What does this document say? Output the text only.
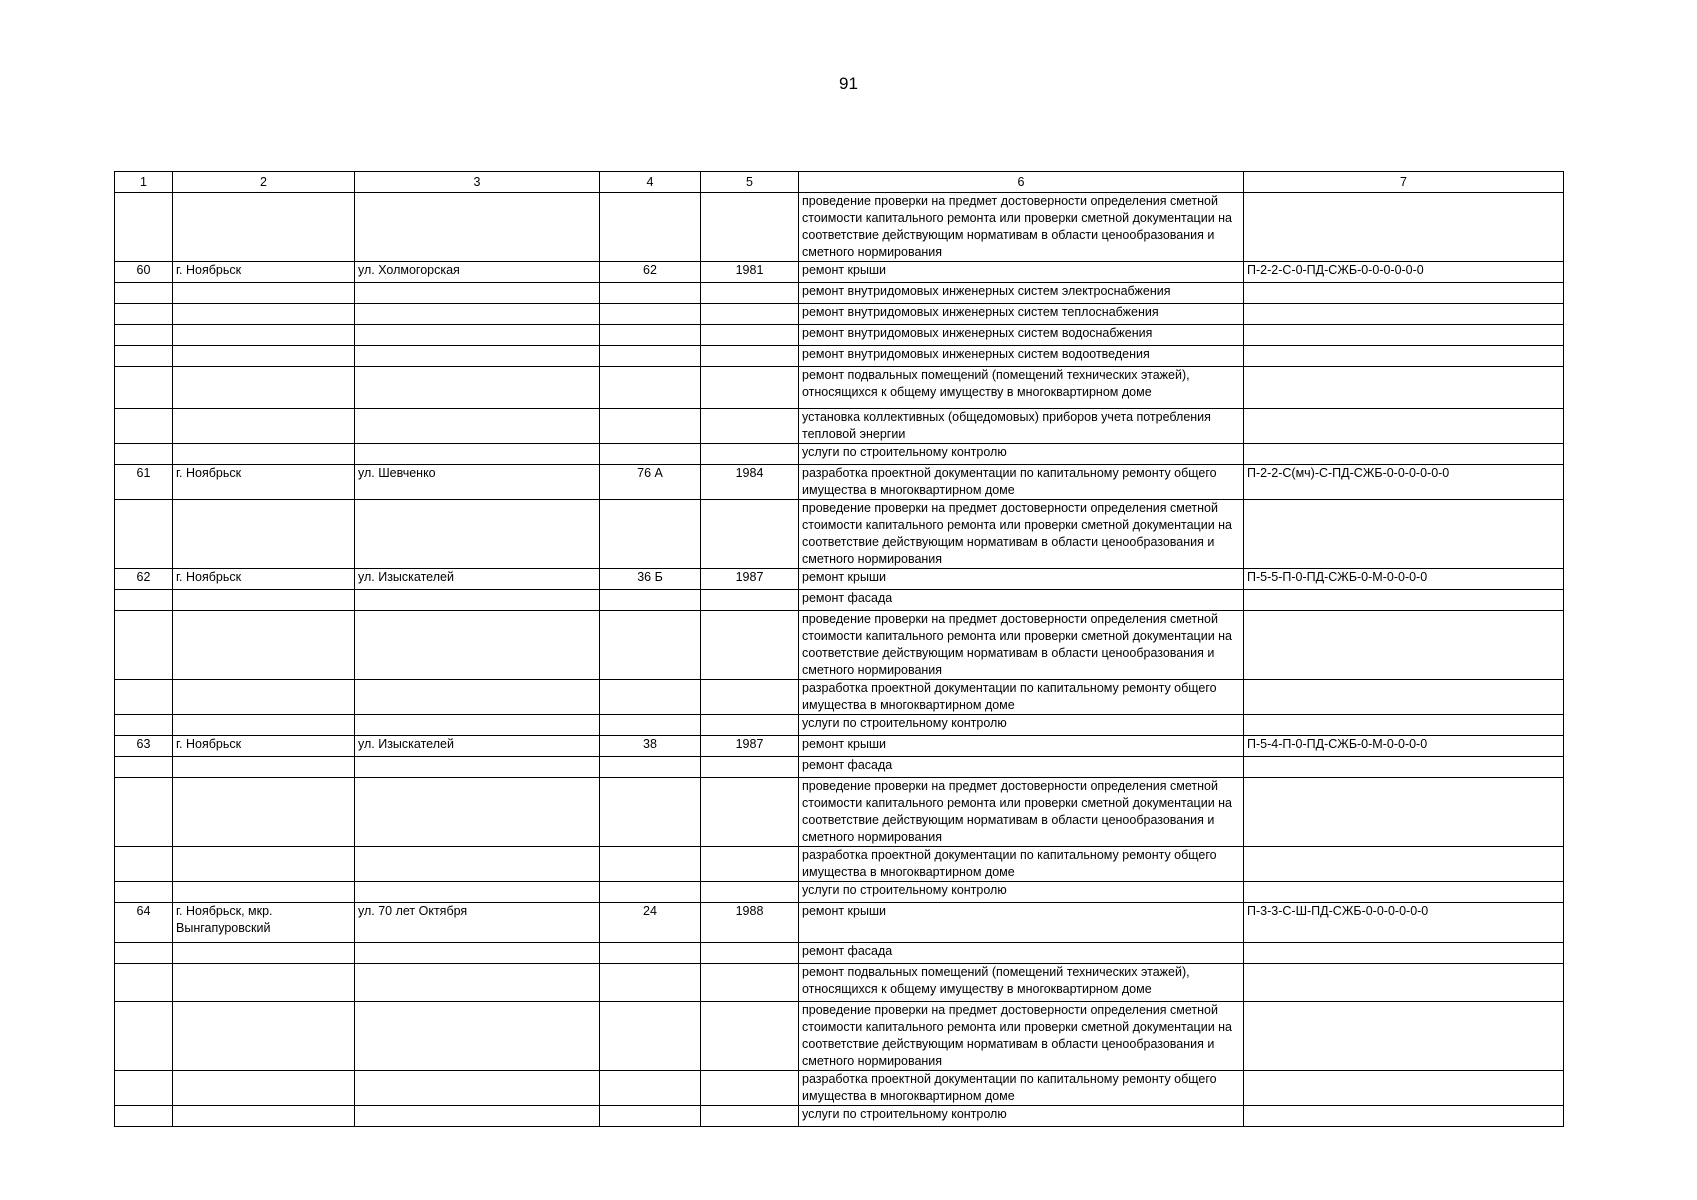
91
1	2	3	4	5	6	7
					проведение проверки на предмет достоверности определения сметной стоимости капитального ремонта или проверки сметной документации на соответствие действующим нормативам в области ценообразования и сметного нормирования	
60	г. Ноябрьск	ул. Холмогорская	62	1981	ремонт крыши	П-2-2-С-0-ПД-СЖБ-0-0-0-0-0-0
					ремонт внутридомовых инженерных систем электроснабжения	
					ремонт внутридомовых инженерных систем теплоснабжения	
					ремонт внутридомовых инженерных систем водоснабжения	
					ремонт внутридомовых инженерных систем водоотведения	
					ремонт подвальных помещений (помещений технических этажей), относящихся к общему имуществу в многоквартирном доме	
					установка коллективных (общедомовых) приборов учета потребления тепловой энергии	
					услуги по строительному контролю	
61	г. Ноябрьск	ул. Шевченко	76 А	1984	разработка проектной документации по капитальному ремонту общего имущества в многоквартирном доме	П-2-2-С(мч)-С-ПД-СЖБ-0-0-0-0-0-0
					проведение проверки на предмет достоверности определения сметной стоимости капитального ремонта или проверки сметной документации на соответствие действующим нормативам в области ценообразования и сметного нормирования	
62	г. Ноябрьск	ул. Изыскателей	36 Б	1987	ремонт крыши	П-5-5-П-0-ПД-СЖБ-0-М-0-0-0-0
					ремонт фасада	
					проведение проверки на предмет достоверности определения сметной стоимости капитального ремонта или проверки сметной документации на соответствие действующим нормативам в области ценообразования и сметного нормирования	
					разработка проектной документации по капитальному ремонту общего имущества в многоквартирном доме	
					услуги по строительному контролю	
63	г. Ноябрьск	ул. Изыскателей	38	1987	ремонт крыши	П-5-4-П-0-ПД-СЖБ-0-М-0-0-0-0
					ремонт фасада	
					проведение проверки на предмет достоверности определения сметной стоимости капитального ремонта или проверки сметной документации на соответствие действующим нормативам в области ценообразования и сметного нормирования	
					разработка проектной документации по капитальному ремонту общего имущества в многоквартирном доме	
					услуги по строительному контролю	
64	г. Ноябрьск, мкр. Вынгапуровский	ул. 70 лет Октября	24	1988	ремонт крыши	П-3-3-С-Ш-ПД-СЖБ-0-0-0-0-0-0
					ремонт фасада	
					ремонт подвальных помещений (помещений технических этажей), относящихся к общему имуществу в многоквартирном доме	
					проведение проверки на предмет достоверности определения сметной стоимости капитального ремонта или проверки сметной документации на соответствие действующим нормативам в области ценообразования и сметного нормирования	
					разработка проектной документации по капитальному ремонту общего имущества в многоквартирном доме	
					услуги по строительному контролю	
